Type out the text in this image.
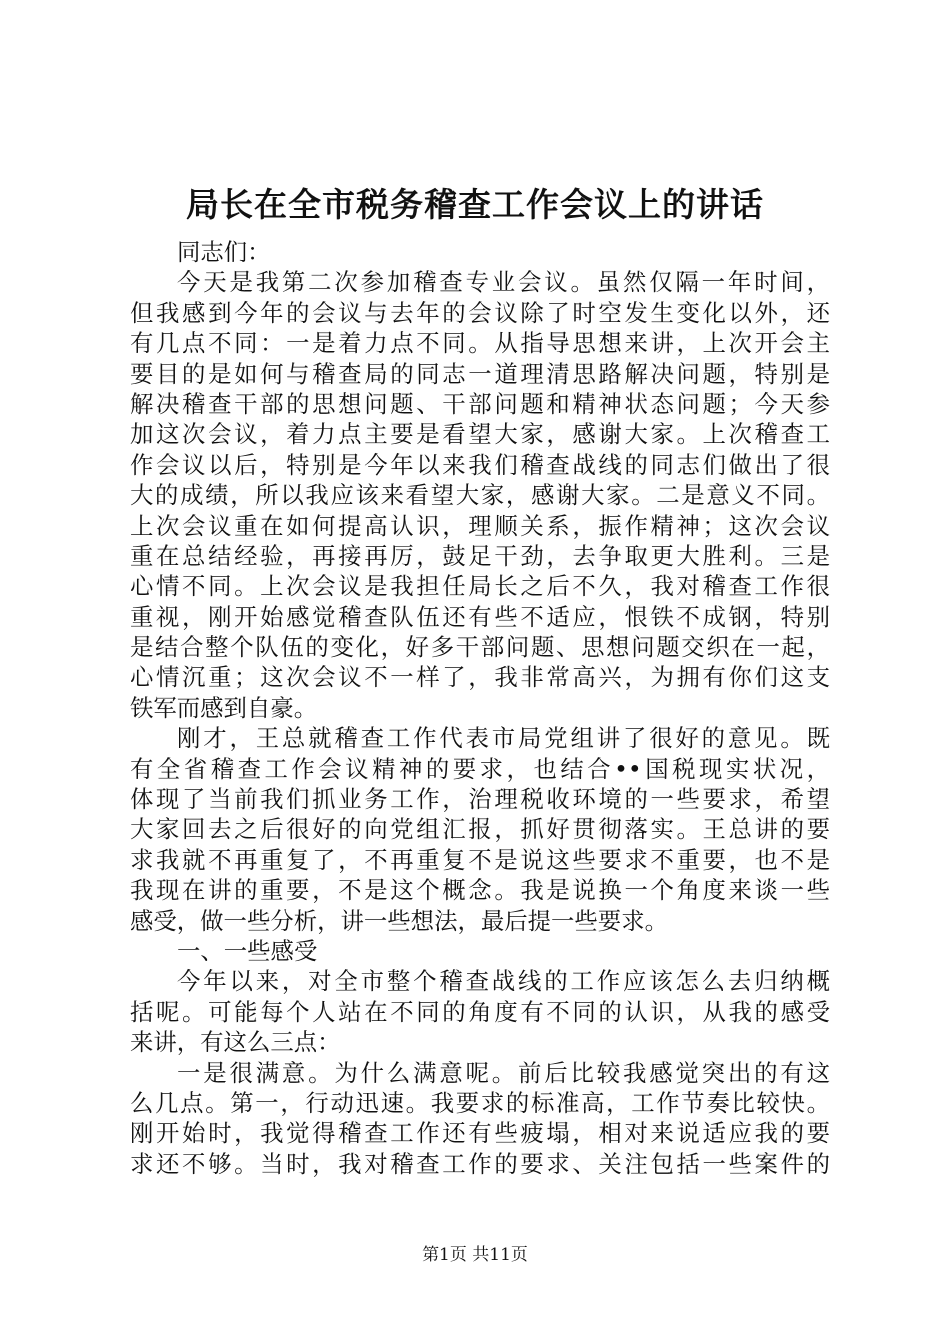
局长在全市税务稽查工作会议上的讲话
同志们：
今天是我第二次参加稽查专业会议。虽然仅隔一年时间，
但我感到今年的会议与去年的会议除了时空发生变化以外，还
有几点不同：一是着力点不同。从指导思想来讲，上次开会主
要目的是如何与稽查局的同志一道理清思路解决问题，特别是
解决稽查干部的思想问题、干部问题和精神状态问题；今天参
加这次会议，着力点主要是看望大家，感谢大家。上次稽查工
作会议以后，特别是今年以来我们稽查战线的同志们做出了很
大的成绩，所以我应该来看望大家，感谢大家。二是意义不同。
上次会议重在如何提高认识，理顺关系，振作精神；这次会议
重在总结经验，再接再厉，鼓足干劲，去争取更大胜利。三是
心情不同。上次会议是我担任局长之后不久，我对稽查工作很
重视，刚开始感觉稽查队伍还有些不适应，恨铁不成钢，特别
是结合整个队伍的变化，好多干部问题、思想问题交织在一起，
心情沉重；这次会议不一样了，我非常高兴，为拥有你们这支
铁军而感到自豪。
刚才，王总就稽查工作代表市局党组讲了很好的意见。既
有全省稽查工作会议精神的要求，也结合••国税现实状况，
体现了当前我们抓业务工作，治理税收环境的一些要求，希望
大家回去之后很好的向党组汇报，抓好贯彻落实。王总讲的要
求我就不再重复了，不再重复不是说这些要求不重要，也不是
我现在讲的重要，不是这个概念。我是说换一个角度来谈一些
感受，做一些分析，讲一些想法，最后提一些要求。
一、一些感受
今年以来，对全市整个稽查战线的工作应该怎么去归纳概
括呢。可能每个人站在不同的角度有不同的认识，从我的感受
来讲，有这么三点：
一是很满意。为什么满意呢。前后比较我感觉突出的有这
么几点。第一，行动迅速。我要求的标准高，工作节奏比较快。
刚开始时，我觉得稽查工作还有些疲塌，相对来说适应我的要
求还不够。当时，我对稽查工作的要求、关注包括一些案件的
第1页 共11页
